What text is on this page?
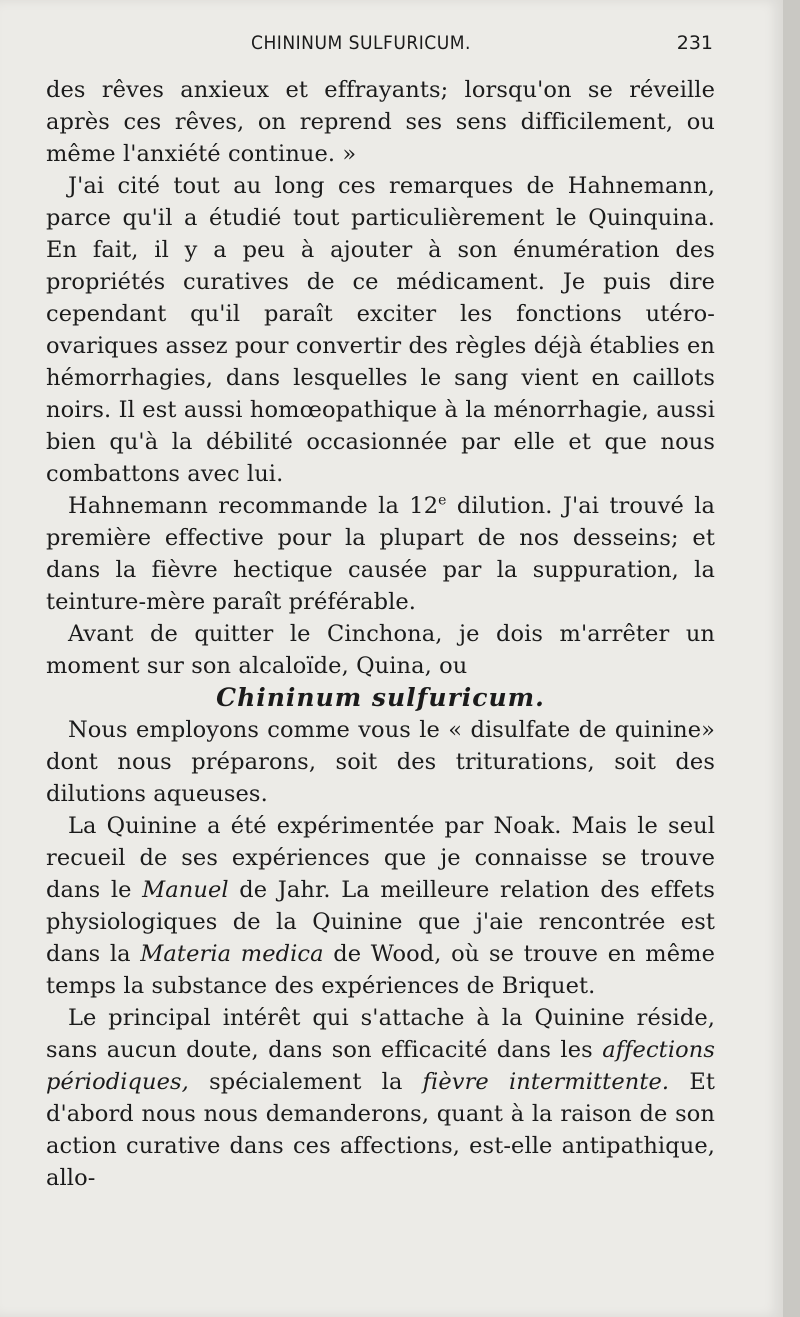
CHININUM SULFURICUM.	231

des rêves anxieux et effrayants; lorsqu'on se réveille après ces rêves, on reprend ses sens difficilement, ou même l'anxiété continue. »

J'ai cité tout au long ces remarques de Hahnemann, parce qu'il a étudié tout particulièrement le Quinquina. En fait, il y a peu à ajouter à son énumération des propriétés curatives de ce médicament. Je puis dire cependant qu'il paraît exciter les fonctions utéro-ovariques assez pour convertir des règles déjà établies en hémorrhagies, dans lesquelles le sang vient en caillots noirs. Il est aussi homœopathique à la ménorrhagie, aussi bien qu'à la débilité occasionnée par elle et que nous combattons avec lui.

Hahnemann recommande la 12e dilution. J'ai trouvé la première effective pour la plupart de nos desseins; et dans la fièvre hectique causée par la suppuration, la teinture-mère paraît préférable.

Avant de quitter le Cinchona, je dois m'arrêter un moment sur son alcaloïde, Quina, ou

Chininum sulfuricum.

Nous employons comme vous le « disulfate de quinine» dont nous préparons, soit des triturations, soit des dilutions aqueuses.

La Quinine a été expérimentée par Noak. Mais le seul recueil de ses expériences que je connaisse se trouve dans le Manuel de Jahr. La meilleure relation des effets physiologiques de la Quinine que j'aie rencontrée est dans la Materia medica de Wood, où se trouve en même temps la substance des expériences de Briquet.

Le principal intérêt qui s'attache à la Quinine réside, sans aucun doute, dans son efficacité dans les affections périodiques, spécialement la fièvre intermittente. Et d'abord nous nous demanderons, quant à la raison de son action curative dans ces affections, est-elle antipathique, allo-
